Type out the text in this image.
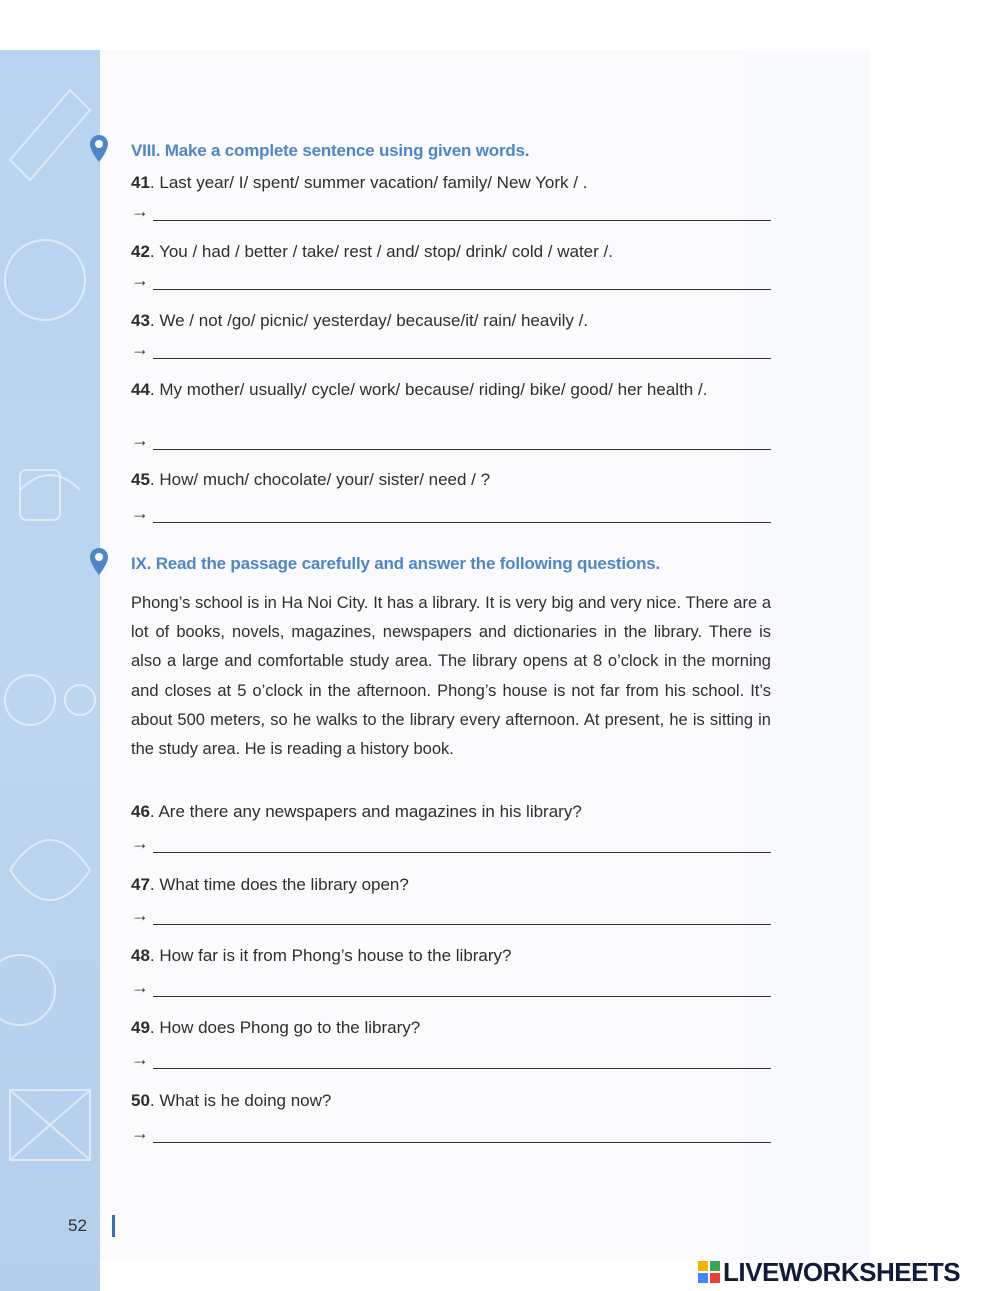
VIII. Make a complete sentence using given words.
41. Last year/ I/ spent/ summer vacation/ family/ New York / .
→
42. You / had / better / take/ rest / and/ stop/ drink/ cold / water /.
→
43. We / not /go/ picnic/ yesterday/ because/it/ rain/ heavily /.
→
44. My mother/ usually/ cycle/ work/ because/ riding/ bike/ good/ her health /.
→
45. How/ much/ chocolate/ your/ sister/ need / ?
→
IX. Read the passage carefully and answer the following questions.
Phong’s school is in Ha Noi City. It has a library. It is very big and very nice. There are a lot of books, novels, magazines, newspapers and dictionaries in the library. There is also a large and comfortable study area. The library opens at 8 o’clock in the morning and closes at 5 o’clock in the afternoon. Phong’s house is not far from his school. It’s about 500 meters, so he walks to the library every afternoon. At present, he is sitting in the study area. He is reading a history book.
46. Are there any newspapers and magazines in his library?
→
47. What time does the library open?
→
48. How far is it from Phong’s house to the library?
→
49. How does Phong go to the library?
→
50. What is he doing now?
→
52
LIVEWORKSHEETS
